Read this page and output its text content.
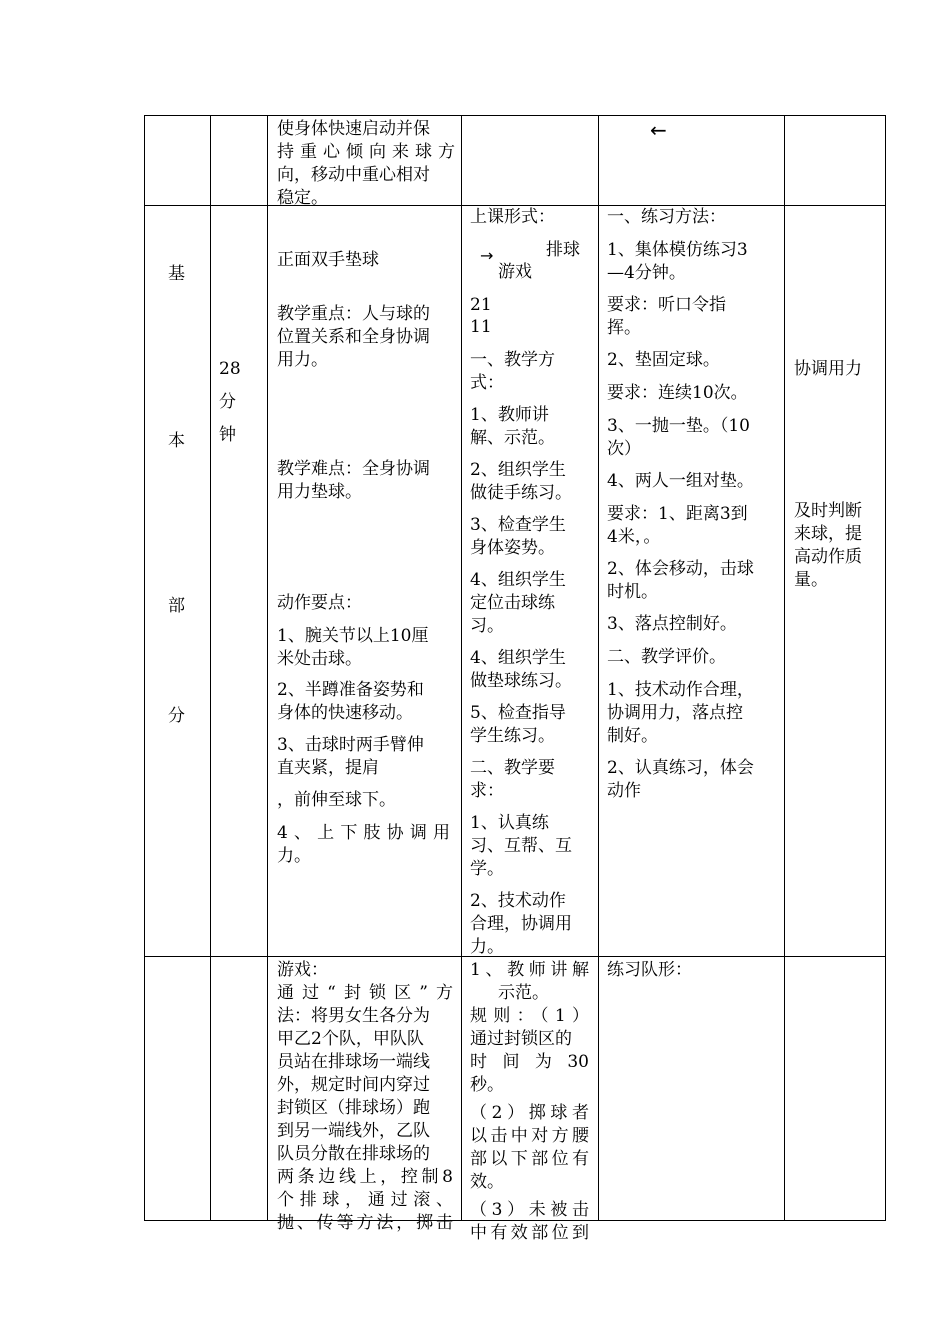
使身体快速启动并保
持重心倾向来球方
向，移动中重心相对
稳定。
←
基
本
部
分
28
分
钟
正面双手垫球
教学重点：人与球的
位置关系和全身协调
用力。
教学难点：全身协调
用力垫球。
动作要点：
1、腕关节以上10厘
米处击球。
2、半蹲准备姿势和
身体的快速移动。
3、击球时两手臂伸
直夹紧，提肩
，前伸至球下。
4、上下肢协调用
力。
上课形式：
→	排球
游戏
21
11
一、教学方
式：
1、教师讲
解、示范。
2、组织学生
做徒手练习。
3、检查学生
身体姿势。
4、组织学生
定位击球练
习。
4、组织学生
做垫球练习。
5、检查指导
学生练习。
二、教学要
求：
1、认真练
习、互帮、互
学。
2、技术动作
合理，协调用
力。
一、练习方法：
1、集体模仿练习3
—4分钟。
要求：听口令指
挥。
2、垫固定球。
要求：连续10次。
3、一抛一垫。（10
次）
4、两人一组对垫。
要求：1、距离3到
4米，。
2、体会移动，击球
时机。
3、落点控制好。
二、教学评价。
1、技术动作合理，
协调用力，落点控
制好。
2、认真练习，体会
动作
协调用力
及时判断
来球，提
高动作质
量。
游戏：
通过“封锁区”方
法：将男女生各分为
甲乙2个队，甲队队
员站在排球场一端线
外，规定时间内穿过
封锁区（排球场）跑
到另一端线外，乙队
队员分散在排球场的
两条边线上，控制8
个排球，通过滚、
抛、传等方法，掷击
1、教师讲解
示范。
规则：（1）
通过封锁区的
时间为30
秒。
（2）掷球者
以击中对方腰
部以下部位有
效。
（3）未被击
中有效部位到
练习队形：
